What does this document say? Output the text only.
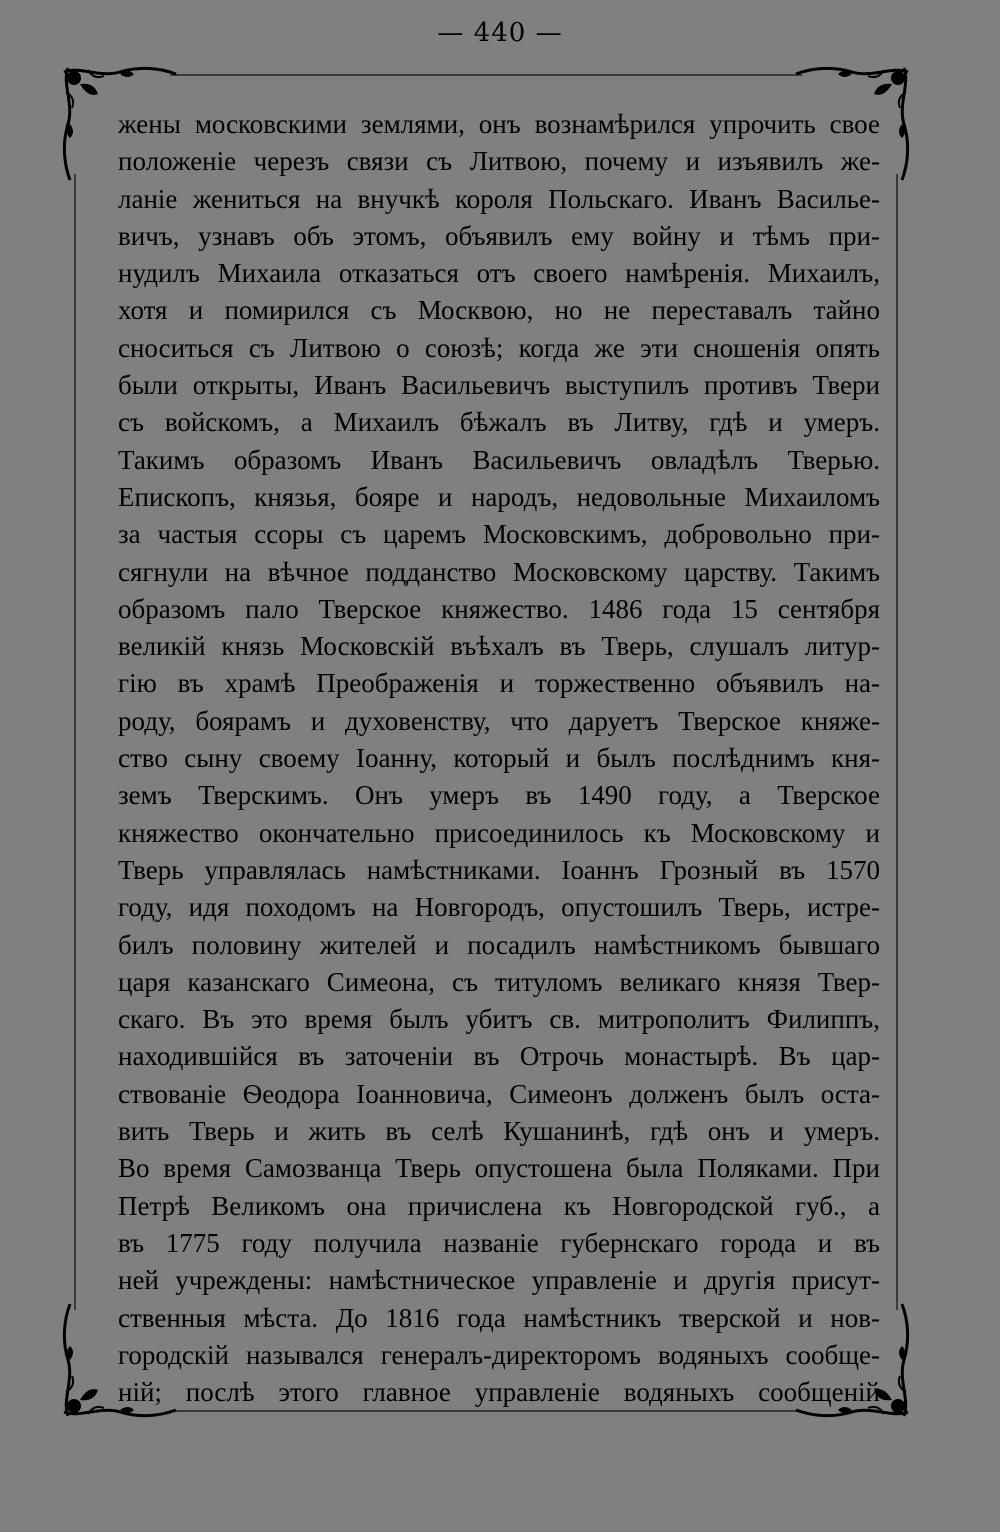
— 440 —
жены московскими землями, онъ вознамѣрился упрочить свое
положеніе черезъ связи съ Литвою, почему и изъявилъ же-
ланіе жениться на внучкѣ короля Польскаго. Иванъ Василье-
вичъ, узнавъ объ этомъ, объявилъ ему войну и тѣмъ при-
нудилъ Михаила отказаться отъ своего намѣренія. Михаилъ,
хотя и помирился съ Москвою, но не переставалъ тайно
сноситься съ Литвою о союзѣ; когда же эти сношенія опять
были открыты, Иванъ Васильевичъ выступилъ противъ Твери
съ войскомъ, а Михаилъ бѣжалъ въ Литву, гдѣ и умеръ.
Такимъ образомъ Иванъ Васильевичъ овладѣлъ Тверью.
Епископъ, князья, бояре и народъ, недовольные Михаиломъ
за частыя ссоры съ царемъ Московскимъ, добровольно при-
сягнули на вѣчное подданство Московскому царству. Такимъ
образомъ пало Тверское княжество. 1486 года 15 сентября
великій князь Московскій въѣхалъ въ Тверь, слушалъ литур-
гію въ храмѣ Преображенія и торжественно объявилъ на-
роду, боярамъ и духовенству, что даруетъ Тверское княже-
ство сыну своему Іоанну, который и былъ послѣднимъ кня-
земъ Тверскимъ. Онъ умеръ въ 1490 году, а Тверское
княжество окончательно присоединилось къ Московскому и
Тверь управлялась намѣстниками. Іоаннъ Грозный въ 1570
году, идя походомъ на Новгородъ, опустошилъ Тверь, истре-
билъ половину жителей и посадилъ намѣстникомъ бывшаго
царя казанскаго Симеона, съ титуломъ великаго князя Твер-
скаго. Въ это время былъ убитъ св. митрополитъ Филиппъ,
находившійся въ заточеніи въ Отрочь монастырѣ. Въ цар-
ствованіе Ѳеодора Іоанновича, Симеонъ долженъ былъ оста-
вить Тверь и жить въ селѣ Кушанинѣ, гдѣ онъ и умеръ.
Во время Самозванца Тверь опустошена была Поляками. При
Петрѣ Великомъ она причислена къ Новгородской губ., а
въ 1775 году получила названіе губернскаго города и въ
ней учреждены: намѣстническое управленіе и другія присут-
ственныя мѣста. До 1816 года намѣстникъ тверской и нов-
городскій назывался генералъ-директоромъ водяныхъ сообще-
ній; послѣ этого главное управленіе водяныхъ сообщеній
